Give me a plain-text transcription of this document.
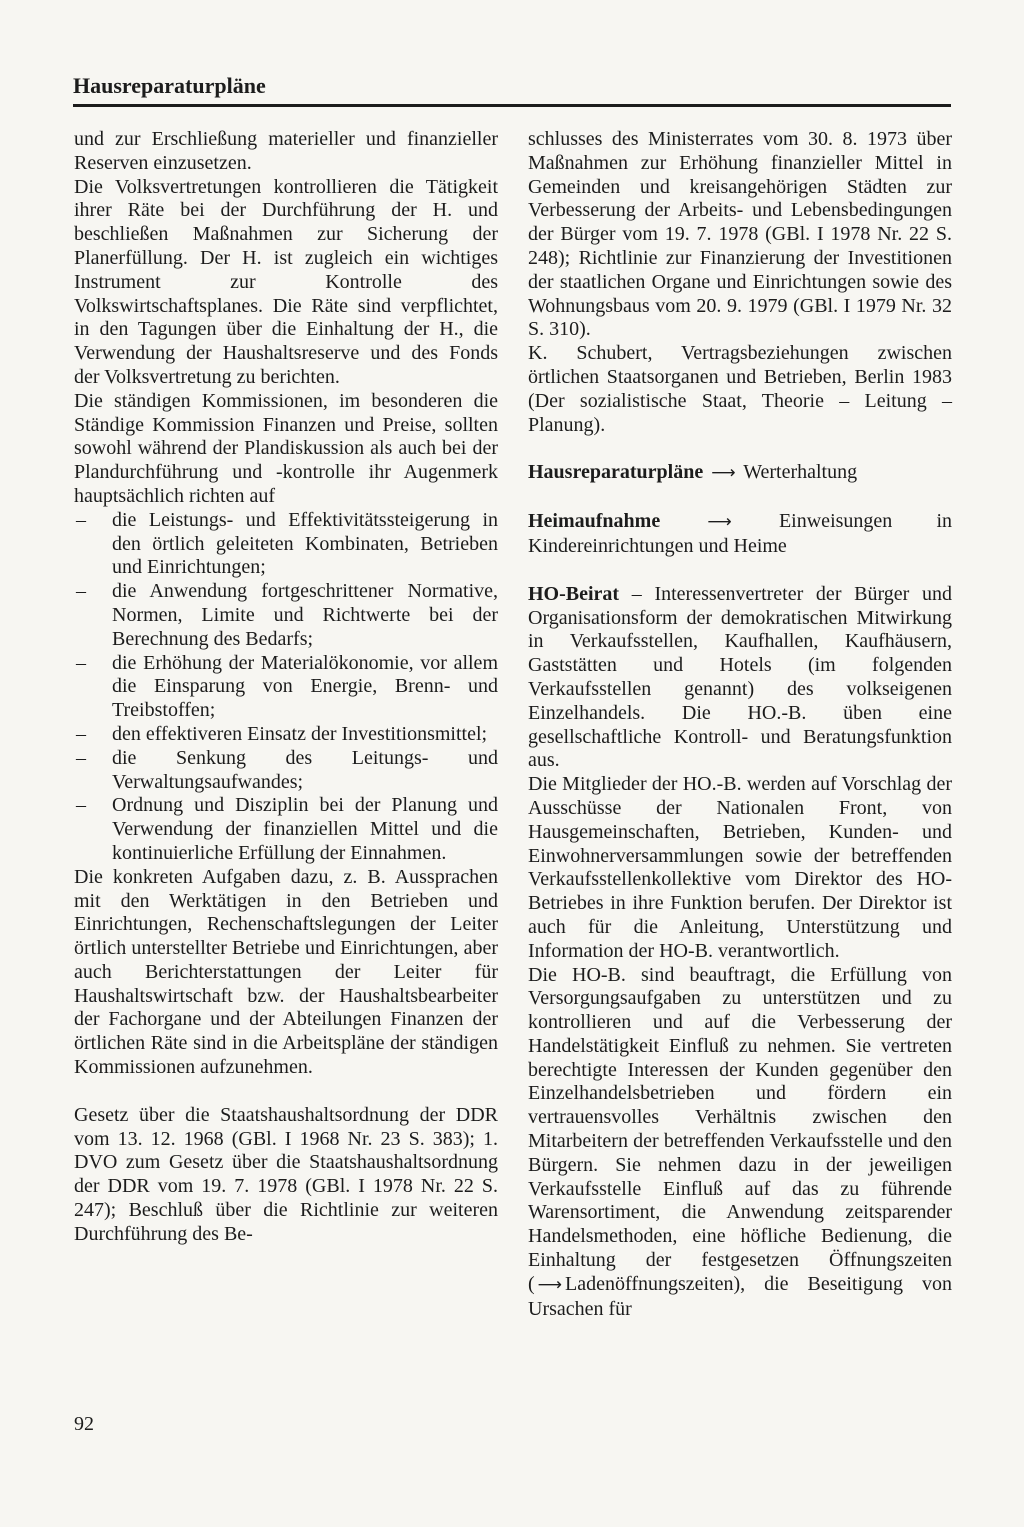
Hausreparaturpläne

und zur Erschließung materieller und finanzieller Reserven einzusetzen.

Die Volksvertretungen kontrollieren die Tätigkeit ihrer Räte bei der Durchführung der H. und beschließen Maßnahmen zur Sicherung der Planerfüllung. Der H. ist zugleich ein wichtiges Instrument zur Kontrolle des Volkswirtschaftsplanes. Die Räte sind verpflichtet, in den Tagungen über die Einhaltung der H., die Verwendung der Haushaltsreserve und des Fonds der Volksvertretung zu berichten.

Die ständigen Kommissionen, im besonderen die Ständige Kommission Finanzen und Preise, sollten sowohl während der Plandiskussion als auch bei der Plandurchführung und -kontrolle ihr Augenmerk hauptsächlich richten auf

– die Leistungs- und Effektivitätssteigerung in den örtlich geleiteten Kombinaten, Betrieben und Einrichtungen;
– die Anwendung fortgeschrittener Normative, Normen, Limite und Richtwerte bei der Berechnung des Bedarfs;
– die Erhöhung der Materialökonomie, vor allem die Einsparung von Energie, Brenn- und Treibstoffen;
– den effektiveren Einsatz der Investitionsmittel;
– die Senkung des Leitungs- und Verwaltungsaufwandes;
– Ordnung und Disziplin bei der Planung und Verwendung der finanziellen Mittel und die kontinuierliche Erfüllung der Einnahmen.

Die konkreten Aufgaben dazu, z. B. Aussprachen mit den Werktätigen in den Betrieben und Einrichtungen, Rechenschaftslegungen der Leiter örtlich unterstellter Betriebe und Einrichtungen, aber auch Berichterstattungen der Leiter für Haushaltswirtschaft bzw. der Haushaltsbearbeiter der Fachorgane und der Abteilungen Finanzen der örtlichen Räte sind in die Arbeitspläne der ständigen Kommissionen aufzunehmen.

Gesetz über die Staatshaushaltsordnung der DDR vom 13. 12. 1968 (GBl. I 1968 Nr. 23 S. 383); 1. DVO zum Gesetz über die Staatshaushaltsordnung der DDR vom 19. 7. 1978 (GBl. I 1978 Nr. 22 S. 247); Beschluß über die Richtlinie zur weiteren Durchführung des Be-

schlusses des Ministerrates vom 30. 8. 1973 über Maßnahmen zur Erhöhung finanzieller Mittel in Gemeinden und kreisangehörigen Städten zur Verbesserung der Arbeits- und Lebensbedingungen der Bürger vom 19. 7. 1978 (GBl. I 1978 Nr. 22 S. 248); Richtlinie zur Finanzierung der Investitionen der staatlichen Organe und Einrichtungen sowie des Wohnungsbaus vom 20. 9. 1979 (GBl. I 1979 Nr. 32 S. 310).

K. Schubert, Vertragsbeziehungen zwischen örtlichen Staatsorganen und Betrieben, Berlin 1983 (Der sozialistische Staat, Theorie – Leitung – Planung).

Hausreparaturpläne ⟶ Werterhaltung

Heimaufnahme	⟶ Einweisungen in Kindereinrichtungen und Heime

HO-Beirat – Interessenvertreter der Bürger und Organisationsform der demokratischen Mitwirkung in Verkaufsstellen, Kaufhallen, Kaufhäusern, Gaststätten und Hotels (im folgenden Verkaufsstellen genannt) des volkseigenen Einzelhandels. Die HO.-B. üben eine gesellschaftliche Kontroll- und Beratungsfunktion aus.

Die Mitglieder der HO.-B. werden auf Vorschlag der Ausschüsse der Nationalen Front, von Hausgemeinschaften, Betrieben, Kunden- und Einwohnerversammlungen sowie der betreffenden Verkaufsstellenkollektive vom Direktor des HO-Betriebes in ihre Funktion berufen. Der Direktor ist auch für die Anleitung, Unterstützung und Information der HO-B. verantwortlich.

Die HO-B. sind beauftragt, die Erfüllung von Versorgungsaufgaben zu unterstützen und zu kontrollieren und auf die Verbesserung der Handelstätigkeit Einfluß zu nehmen. Sie vertreten berechtigte Interessen der Kunden gegenüber den Einzelhandelsbetrieben und fördern ein vertrauensvolles Verhältnis zwischen den Mitarbeitern der betreffenden Verkaufsstelle und den Bürgern. Sie nehmen dazu in der jeweiligen Verkaufsstelle Einfluß auf das zu führende Warensortiment, die Anwendung zeitsparender Handelsmethoden, eine höfliche Bedienung, die Einhaltung der festgesetzen Öffnungszeiten ( ⟶ Ladenöffnungszeiten), die Beseitigung von Ursachen für

92
